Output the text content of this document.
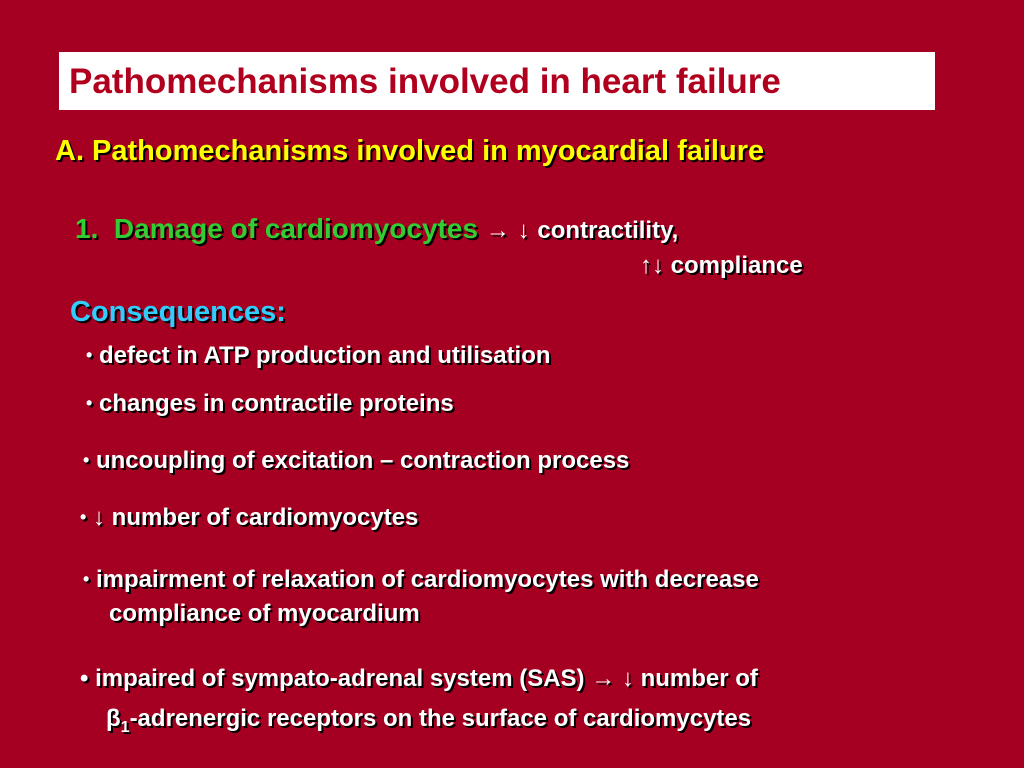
Pathomechanisms involved in heart failure
A. Pathomechanisms involved in myocardial failure
1. Damage of cardiomyocytes → ↓ contractility,
↑↓ compliance
Consequences:
• defect in ATP production and utilisation
• changes in contractile proteins
• uncoupling of excitation – contraction process
• ↓ number of cardiomyocytes
• impairment of relaxation of cardiomyocytes with decrease
compliance of myocardium
• impaired of sympato-adrenal system (SAS) → ↓ number of
$\beta_1$-adrenergic receptors on the surface of cardiomycytes
